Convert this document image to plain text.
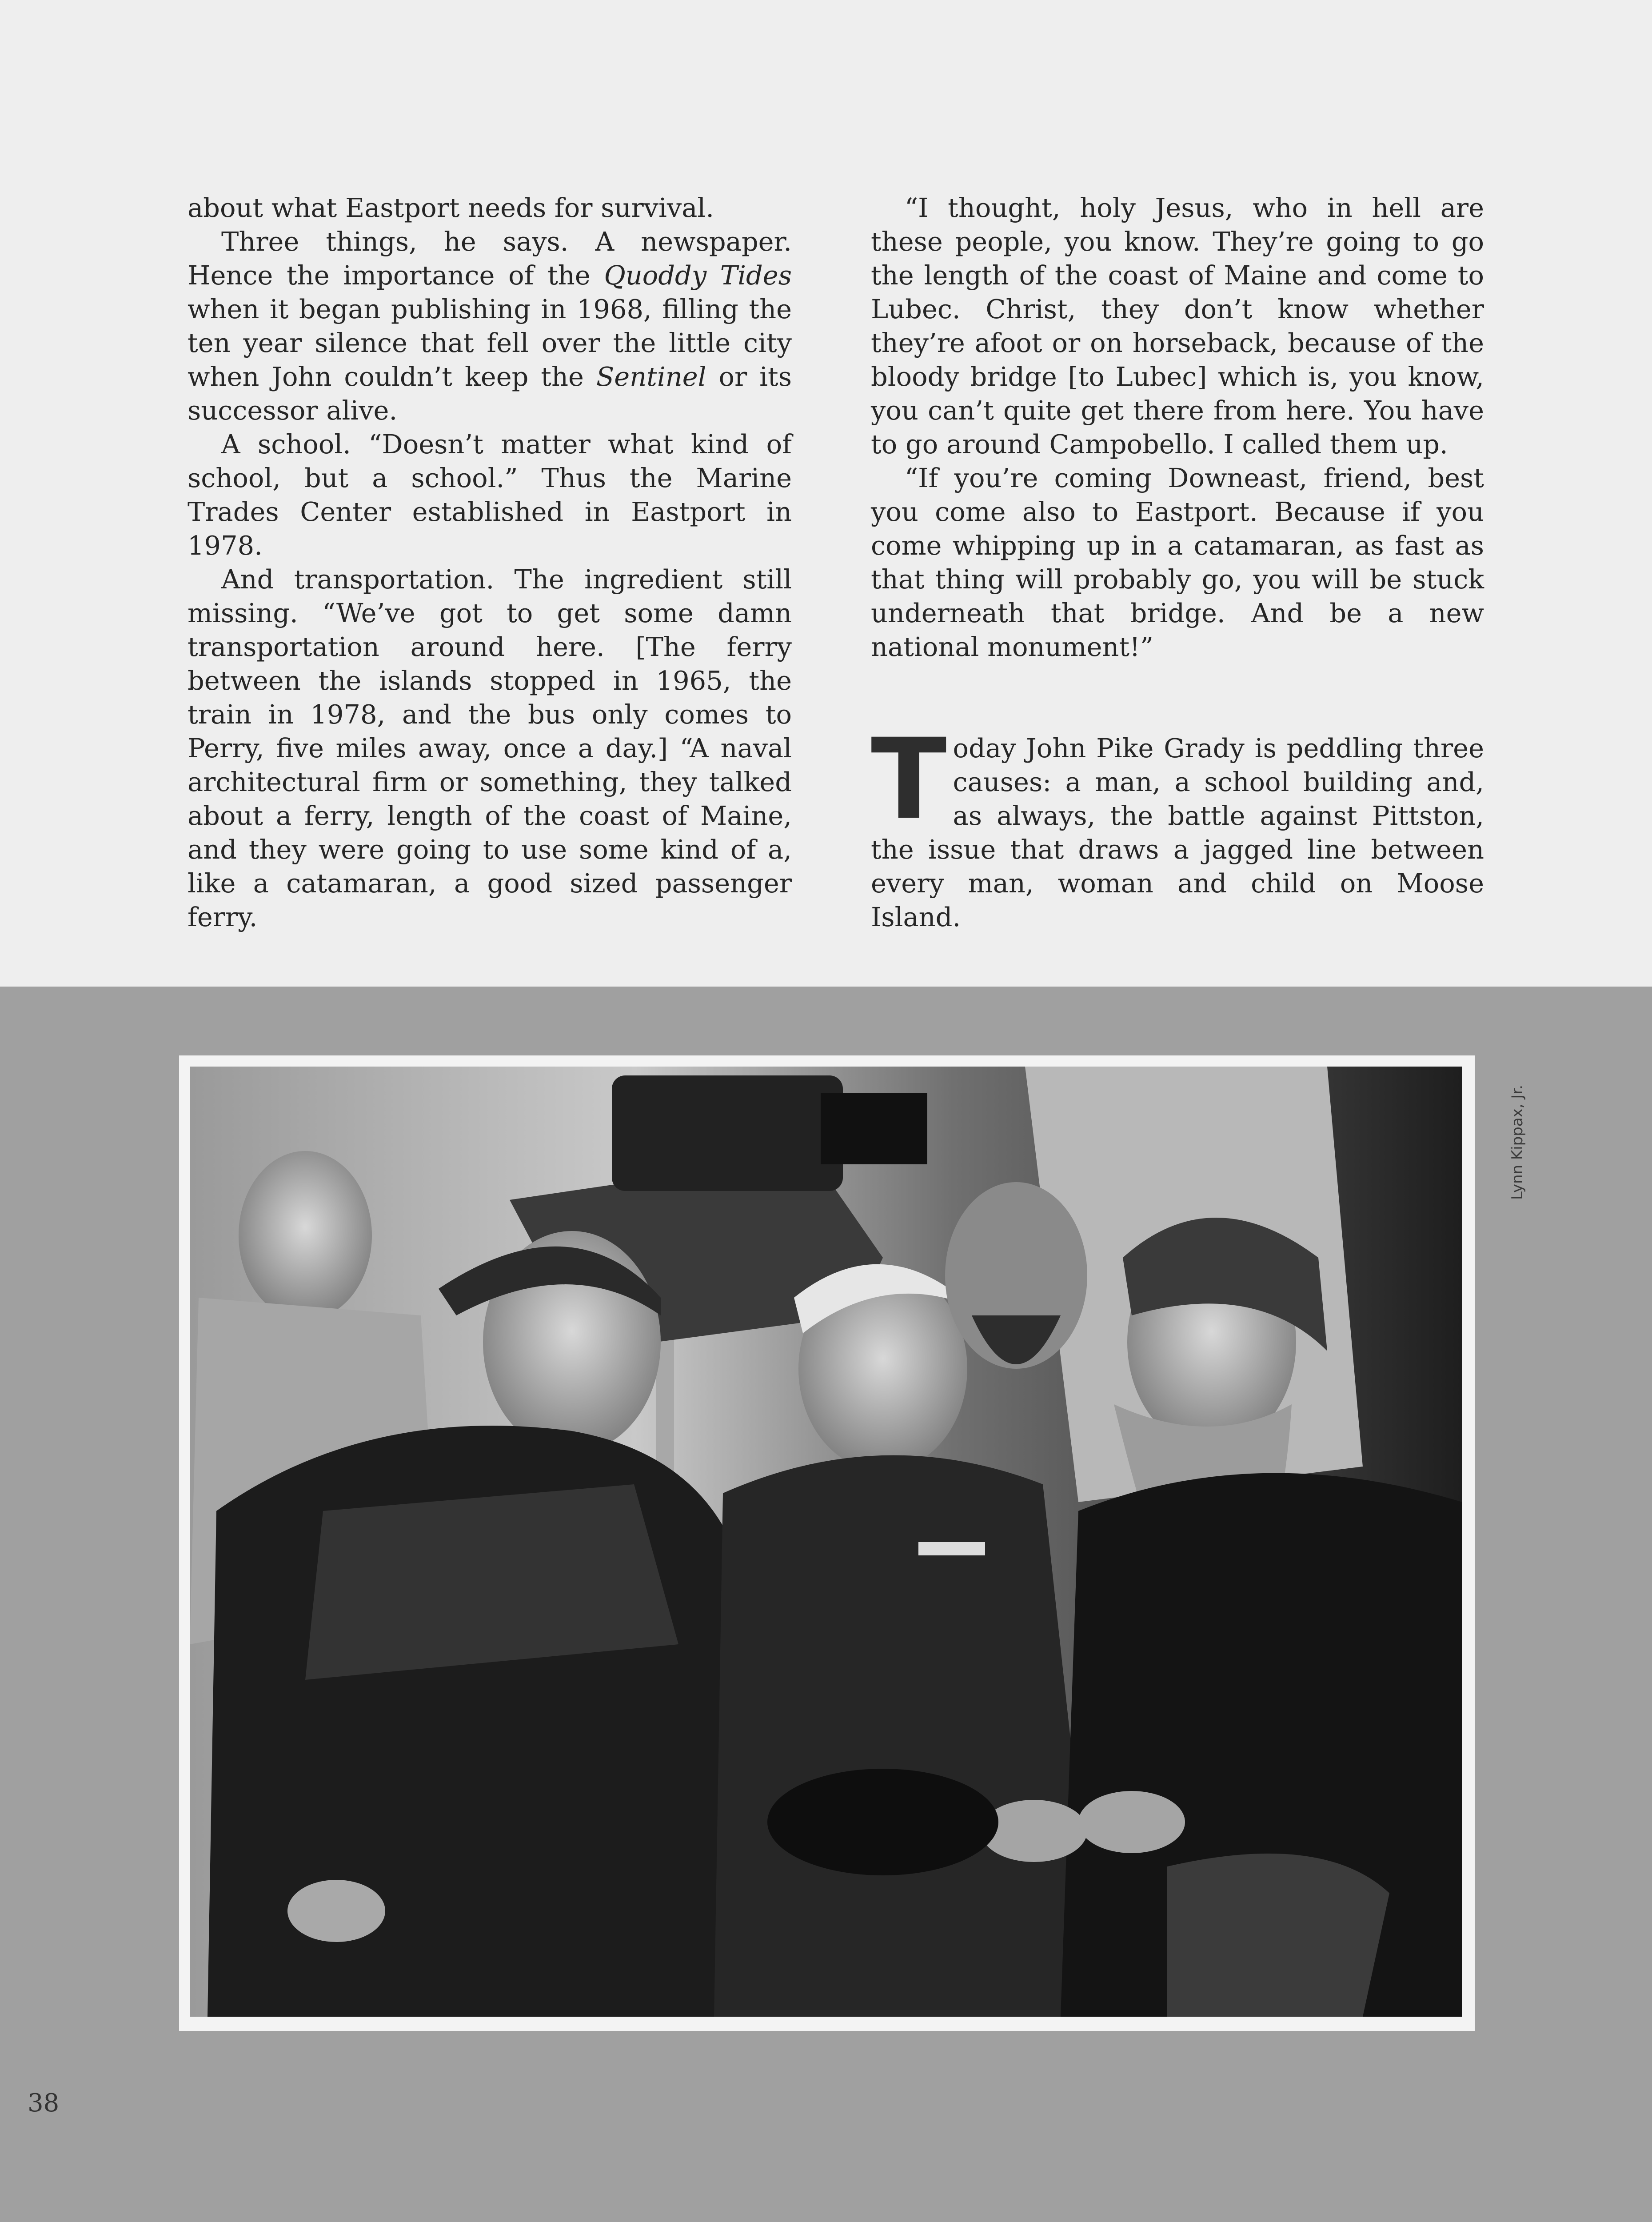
about what Eastport needs for survival.

Three things, he says. A newspaper. Hence the importance of the Quoddy Tides when it began publishing in 1968, filling the ten year silence that fell over the little city when John couldn’t keep the Sentinel or its successor alive.

A school. “Doesn’t matter what kind of school, but a school.” Thus the Marine Trades Center established in Eastport in 1978.

And transportation. The ingredient still missing. “We’ve got to get some damn transportation around here. [The ferry between the islands stopped in 1965, the train in 1978, and the bus only comes to Perry, five miles away, once a day.] “A naval architectural firm or something, they talked about a ferry, length of the coast of Maine, and they were going to use some kind of a, like a catamaran, a good sized passenger ferry.

“I thought, holy Jesus, who in hell are these people, you know. They’re going to go the length of the coast of Maine and come to Lubec. Christ, they don’t know whether they’re afoot or on horseback, because of the bloody bridge [to Lubec] which is, you know, you can’t quite get there from here. You have to go around Campobello. I called them up.

“If you’re coming Downeast, friend, best you come also to Eastport. Because if you come whipping up in a catamaran, as fast as that thing will probably go, you will be stuck underneath that bridge. And be a new national monument!”

T oday John Pike Grady is peddling three causes: a man, a school building and, as always, the battle against Pittston, the issue that draws a jagged line between every man, woman and child on Moose Island.

Lynn Kippax, Jr.
38
